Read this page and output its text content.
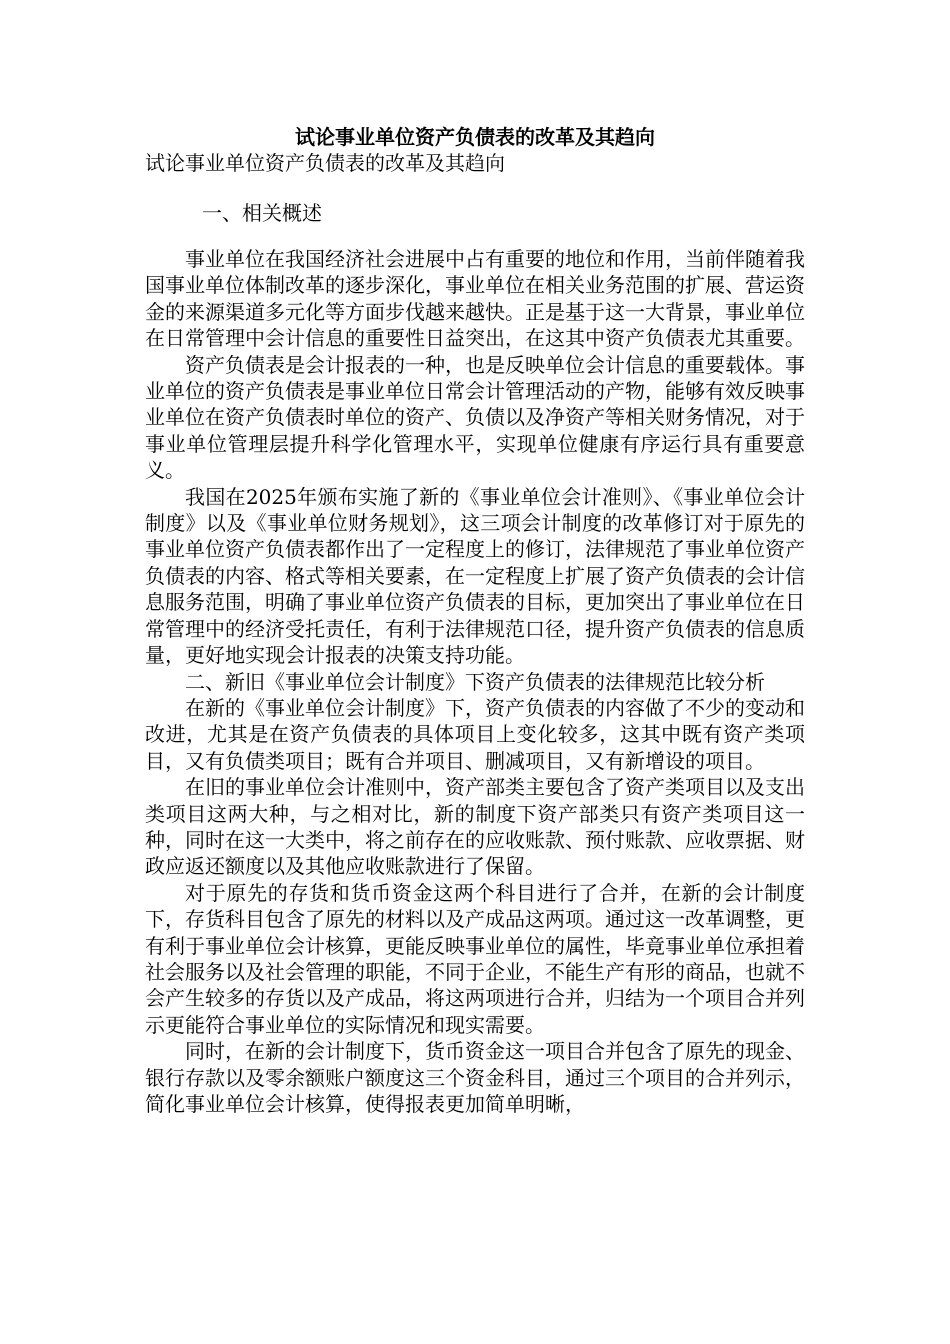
试论事业单位资产负债表的改革及其趋向
试论事业单位资产负债表的改革及其趋向
一、相关概述

事业单位在我国经济社会进展中占有重要的地位和作用，当前伴随着我国事业单位体制改革的逐步深化，事业单位在相关业务范围的扩展、营运资金的来源渠道多元化等方面步伐越来越快。正是基于这一大背景，事业单位在日常管理中会计信息的重要性日益突出，在这其中资产负债表尤其重要。

资产负债表是会计报表的一种，也是反映单位会计信息的重要载体。事业单位的资产负债表是事业单位日常会计管理活动的产物，能够有效反映事业单位在资产负债表时单位的资产、负债以及净资产等相关财务情况，对于事业单位管理层提升科学化管理水平，实现单位健康有序运行具有重要意义。

我国在2025年颁布实施了新的《事业单位会计准则》、《事业单位会计制度》以及《事业单位财务规划》，这三项会计制度的改革修订对于原先的事业单位资产负债表都作出了一定程度上的修订，法律规范了事业单位资产负债表的内容、格式等相关要素，在一定程度上扩展了资产负债表的会计信息服务范围，明确了事业单位资产负债表的目标，更加突出了事业单位在日常管理中的经济受托责任，有利于法律规范口径，提升资产负债表的信息质量，更好地实现会计报表的决策支持功能。

二、新旧《事业单位会计制度》下资产负债表的法律规范比较分析

在新的《事业单位会计制度》下，资产负债表的内容做了不少的变动和改进，尤其是在资产负债表的具体项目上变化较多，这其中既有资产类项目，又有负债类项目；既有合并项目、删减项目，又有新增设的项目。

在旧的事业单位会计准则中，资产部类主要包含了资产类项目以及支出类项目这两大种，与之相对比，新的制度下资产部类只有资产类项目这一种，同时在这一大类中，将之前存在的应收账款、预付账款、应收票据、财政应返还额度以及其他应收账款进行了保留。

对于原先的存货和货币资金这两个科目进行了合并，在新的会计制度下，存货科目包含了原先的材料以及产成品这两项。通过这一改革调整，更有利于事业单位会计核算，更能反映事业单位的属性，毕竟事业单位承担着社会服务以及社会管理的职能，不同于企业，不能生产有形的商品，也就不会产生较多的存货以及产成品，将这两项进行合并，归结为一个项目合并列示更能符合事业单位的实际情况和现实需要。

同时，在新的会计制度下，货币资金这一项目合并包含了原先的现金、银行存款以及零余额账户额度这三个资金科目，通过三个项目的合并列示，简化事业单位会计核算，使得报表更加简单明晰，
